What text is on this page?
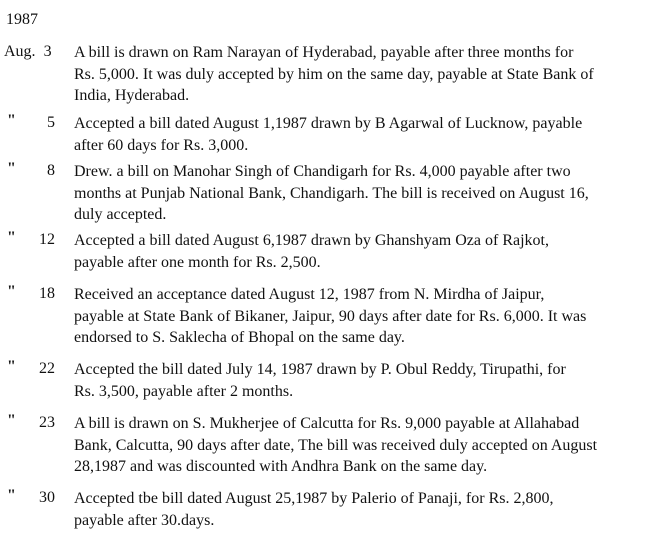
1987
Aug. 3 A bill is drawn on Ram Narayan of Hyderabad, payable after three months for
Rs. 5,000. It was duly accepted by him on the same day, payable at State Bank of
India, Hyderabad.
"	5 Accepted a bill dated August 1,1987 drawn by B Agarwal of Lucknow, payable
after 60 days for Rs. 3,000.
"	8 Drew. a bill on Manohar Singh of Chandigarh for Rs. 4,000 payable after two
months at Punjab National Bank, Chandigarh. The bill is received on August 16,
duly accepted.
"	12 Accepted a bill dated August 6,1987 drawn by Ghanshyam Oza of Rajkot,
payable after one month for Rs. 2,500.
"	18 Received an acceptance dated August 12, 1987 from N. Mirdha of Jaipur,
payable at State Bank of Bikaner, Jaipur, 90 days after date for Rs. 6,000. It was
endorsed to S. Saklecha of Bhopal on the same day.
"	22 Accepted the bill dated July 14, 1987 drawn by P. Obul Reddy, Tirupathi, for
Rs. 3,500, payable after 2 months.
"	23 A bill is drawn on S. Mukherjee of Calcutta for Rs. 9,000 payable at Allahabad
Bank, Calcutta, 90 days after date, The bill was received duly accepted on August
28,1987 and was discounted with Andhra Bank on the same day.
"	30 Accepted tbe bill dated August 25,1987 by Palerio of Panaji, for Rs. 2,800,
payable after 30.days.
